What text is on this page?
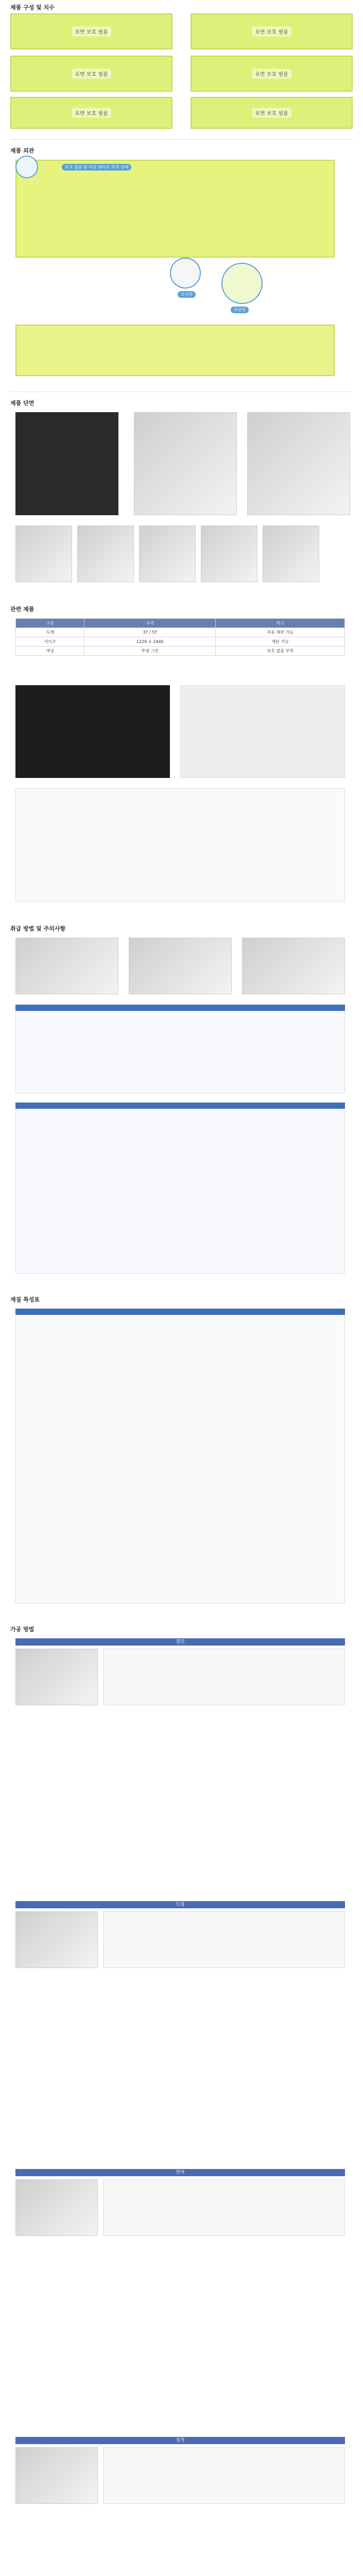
제품 구성 및 치수
표면 보호 필름	표면 보호 필름
표면 보호 필름	표면 보호 필름
표면 보호 필름	표면 보호 필름
제품 외관
보호 필름 및 마감 테이프 부착 상태
모서리
마감면
제품 단면
관련 제품
구분	규격	비고
두께	3T / 5T	주문 제작 가능
사이즈	1220 × 2440	재단 가능
색상	투명 그린	보호 필름 부착
취급 방법 및 주의사항
재질 특성표
가공 방법
절단
드릴
연마
접착
